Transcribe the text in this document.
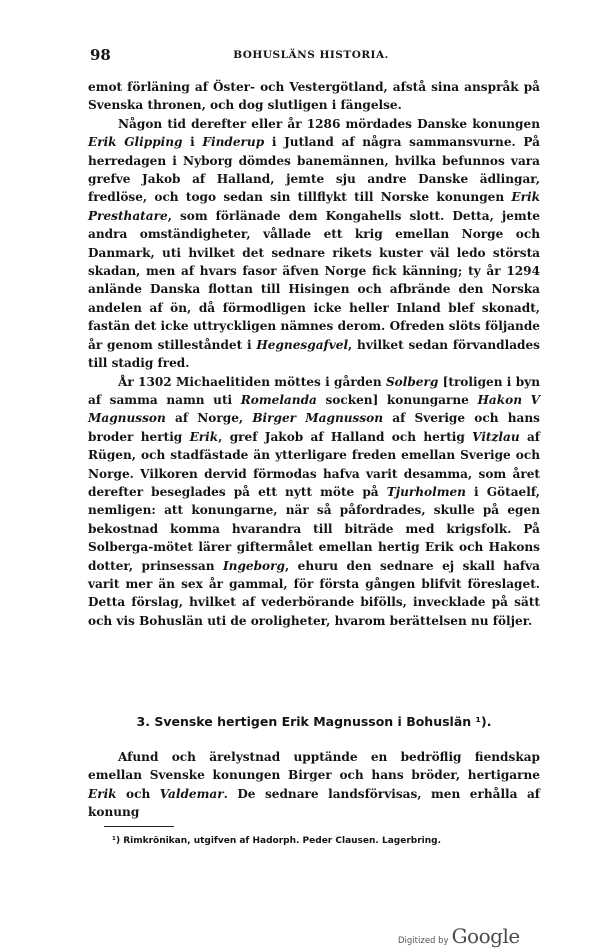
98	BOHUSLÄNS HISTORIA.

emot förläning af Öster- och Vestergötland, afstå sina anspråk på Svenska thronen, och dog slutligen i fängelse.

Någon tid derefter eller år 1286 mördades Danske konungen Erik Glipping i Finderup i Jutland af några sammansvurne. På herredagen i Nyborg dömdes banemännen, hvilka befunnos vara grefve Jakob af Halland, jemte sju andre Danske ädlingar, fredlöse, och togo sedan sin tillflykt till Norske konungen Erik Presthatare, som förlänade dem Kongahells slott. Detta, jemte andra omständigheter, vållade ett krig emellan Norge och Danmark, uti hvilket det sednare rikets kuster väl ledo största skadan, men af hvars fasor äfven Norge fick känning; ty år 1294 anlände Danska flottan till Hisingen och afbrände den Norska andelen af ön, då förmodligen icke heller Inland blef skonadt, fastän det icke uttryckligen nämnes derom. Ofreden slöts följande år genom stilleståndet i Hegnesgafvel, hvilket sedan förvandlades till stadig fred.

År 1302 Michaelitiden möttes i gården Solberg [troligen i byn af samma namn uti Romelanda socken] konungarne Hakon V Magnusson af Norge, Birger Magnusson af Sverige och hans broder hertig Erik, gref Jakob af Halland och hertig Vitzlau af Rügen, och stadfästade än ytterligare freden emellan Sverige och Norge. Vilkoren dervid förmodas hafva varit desamma, som året derefter beseglades på ett nytt möte på Tjurholmen i Götaelf, nemligen: att konungarne, när så påfordrades, skulle på egen bekostnad komma hvarandra till biträde med krigsfolk. På Solberga-mötet lärer giftermålet emellan hertig Erik och Hakons dotter, prinsessan Ingeborg, ehuru den sednare ej skall hafva varit mer än sex år gammal, för första gången blifvit föreslaget. Detta förslag, hvilket af vederbörande bifölls, invecklade på sätt och vis Bohuslän uti de oroligheter, hvarom berättelsen nu följer.

3. Svenske hertigen Erik Magnusson i Bohuslän ¹).

Afund och ärelystnad upptände en bedröflig fiendskap emellan Svenske konungen Birger och hans bröder, hertigarne Erik och Valdemar. De sednare landsförvisas, men erhålla af konung

¹) Rimkrönikan, utgifven af Hadorph. Peder Clausen. Lagerbring.
Digitized by Google
